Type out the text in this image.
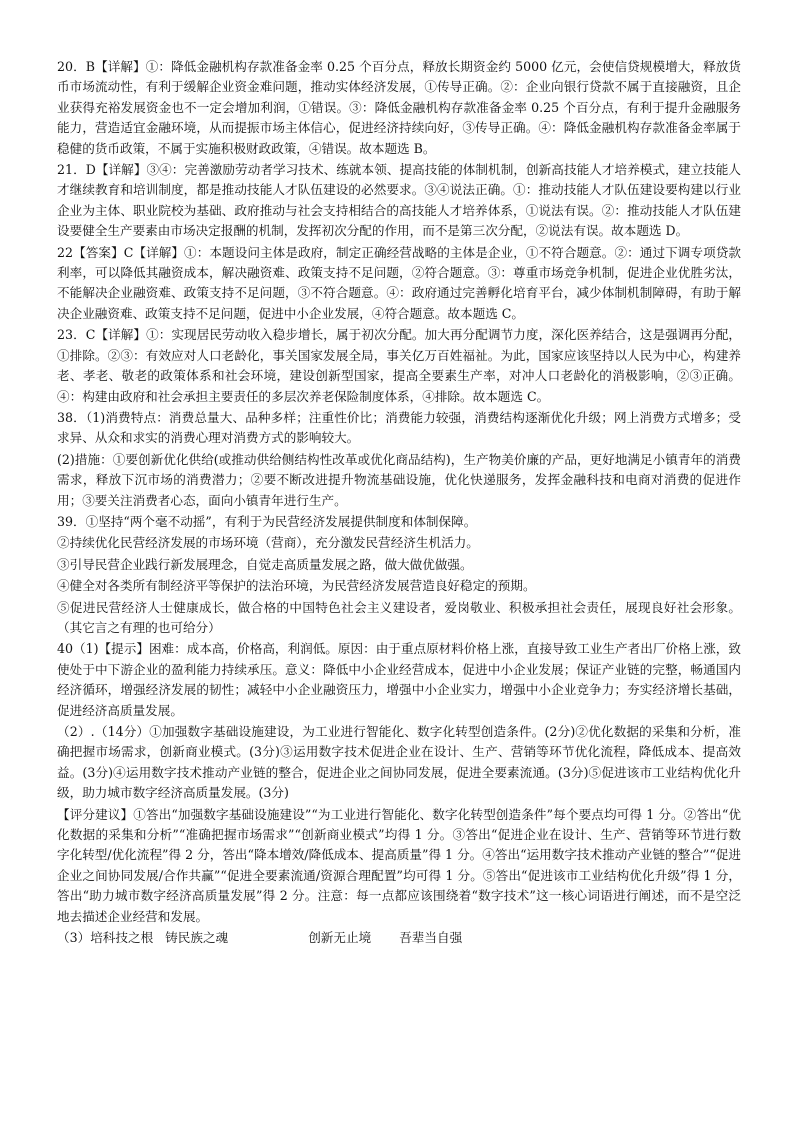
20．B【详解】①：降低金融机构存款准备金率 0.25 个百分点，释放长期资金约 5000 亿元，会使信贷规模增大，释放货币市场流动性，有利于缓解企业资金难问题，推动实体经济发展，①传导正确。②：企业向银行贷款不属于直接融资，且企业获得充裕发展资金也不一定会增加利润，①错误。③：降低金融机构存款准备金率 0.25 个百分点，有利于提升金融服务能力，营造适宜金融环境，从而提振市场主体信心，促进经济持续向好，③传导正确。④：降低金融机构存款准备金率属于稳健的货币政策，不属于实施积极财政政策，④错误。故本题选 B。

21．D【详解】③④：完善激励劳动者学习技术、练就本领、提高技能的体制机制，创新高技能人才培养模式，建立技能人才继续教育和培训制度，都是推动技能人才队伍建设的必然要求。③④说法正确。①：推动技能人才队伍建设要构建以行业企业为主体、职业院校为基础、政府推动与社会支持相结合的高技能人才培养体系，①说法有误。②：推动技能人才队伍建设要健全生产要素由市场决定报酬的机制，发挥初次分配的作用，而不是第三次分配，②说法有误。故本题选 D。

22【答案】C【详解】①：本题设问主体是政府，制定正确经营战略的主体是企业，①不符合题意。②：通过下调专项贷款利率，可以降低其融资成本，解决融资难、政策支持不足问题，②符合题意。③：尊重市场竞争机制，促进企业优胜劣汰，不能解决企业融资难、政策支持不足问题，③不符合题意。④：政府通过完善孵化培育平台，减少体制机制障碍，有助于解决企业融资难、政策支持不足问题，促进中小企业发展，④符合题意。故本题选 C。

23．C【详解】①：实现居民劳动收入稳步增长，属于初次分配。加大再分配调节力度，深化医养结合，这是强调再分配，①排除。②③：有效应对人口老龄化，事关国家发展全局，事关亿万百姓福祉。为此，国家应该坚持以人民为中心，构建养老、孝老、敬老的政策体系和社会环境，建设创新型国家，提高全要素生产率，对冲人口老龄化的消极影响，②③正确。④：构建由政府和社会承担主要责任的多层次养老保险制度体系，④排除。故本题选 C。

38．（1)消费特点：消费总量大、品种多样；注重性价比；消费能力较强，消费结构逐渐优化升级；网上消费方式增多；受求异、从众和求实的消费心理对消费方式的影响较大。

(2)措施：①要创新优化供给(或推动供给侧结构性改革或优化商品结构)，生产物美价廉的产品，更好地满足小镇青年的消费需求，释放下沉市场的消费潜力；②要不断改进提升物流基础设施，优化快递服务，发挥金融科技和电商对消费的促进作用；③要关注消费者心态，面向小镇青年进行生产。

39．①坚持“两个毫不动摇”，有利于为民营经济发展提供制度和体制保障。

②持续优化民营经济发展的市场环境（营商），充分激发民营经济生机活力。

③引导民营企业践行新发展理念，自觉走高质量发展之路，做大做优做强。

④健全对各类所有制经济平等保护的法治环境，为民营经济发展营造良好稳定的预期。

⑤促进民营经济人士健康成长，做合格的中国特色社会主义建设者，爱岗敬业、积极承担社会责任，展现良好社会形象。（其它言之有理的也可给分）

40（1)【提示】困难：成本高，价格高，利润低。原因：由于重点原材料价格上涨，直接导致工业生产者出厂价格上涨，致使处于中下游企业的盈利能力持续承压。意义：降低中小企业经营成本，促进中小企业发展；保证产业链的完整，畅通国内经济循环，增强经济发展的韧性；减轻中小企业融资压力，增强中小企业实力，增强中小企业竞争力；夯实经济增长基础，促进经济高质量发展。

（2）.（14分）①加强数字基础设施建设，为工业进行智能化、数字化转型创造条件。(2分)②优化数据的采集和分析，准确把握市场需求，创新商业模式。(3分)③运用数字技术促进企业在设计、生产、营销等环节优化流程，降低成本、提高效益。(3分)④运用数字技术推动产业链的整合，促进企业之间协同发展，促进全要素流通。(3分)⑤促进该市工业结构优化升级，助力城市数字经济高质量发展。(3分)

【评分建议】①答出“加强数字基础设施建设”“为工业进行智能化、数字化转型创造条件”每个要点均可得 1 分。②答出“优化数据的采集和分析”“准确把握市场需求”“创新商业模式”均得 1 分。③答出“促进企业在设计、生产、营销等环节进行数字化转型/优化流程”得 2 分，答出“降本增效/降低成本、提高质量”得 1 分。④答出“运用数字技术推动产业链的整合”“促进企业之间协同发展/合作共赢”“促进全要素流通/资源合理配置”均可得 1 分。⑤答出“促进该市工业结构优化升级”得 1 分，答出“助力城市数字经济高质量发展”得 2 分。注意：每一点都应该围绕着“数字技术”这一核心词语进行阐述，而不是空泛地去描述企业经营和发展。

（3）培科技之根   铸民族之魂                    创新无止境       吾辈当自强
